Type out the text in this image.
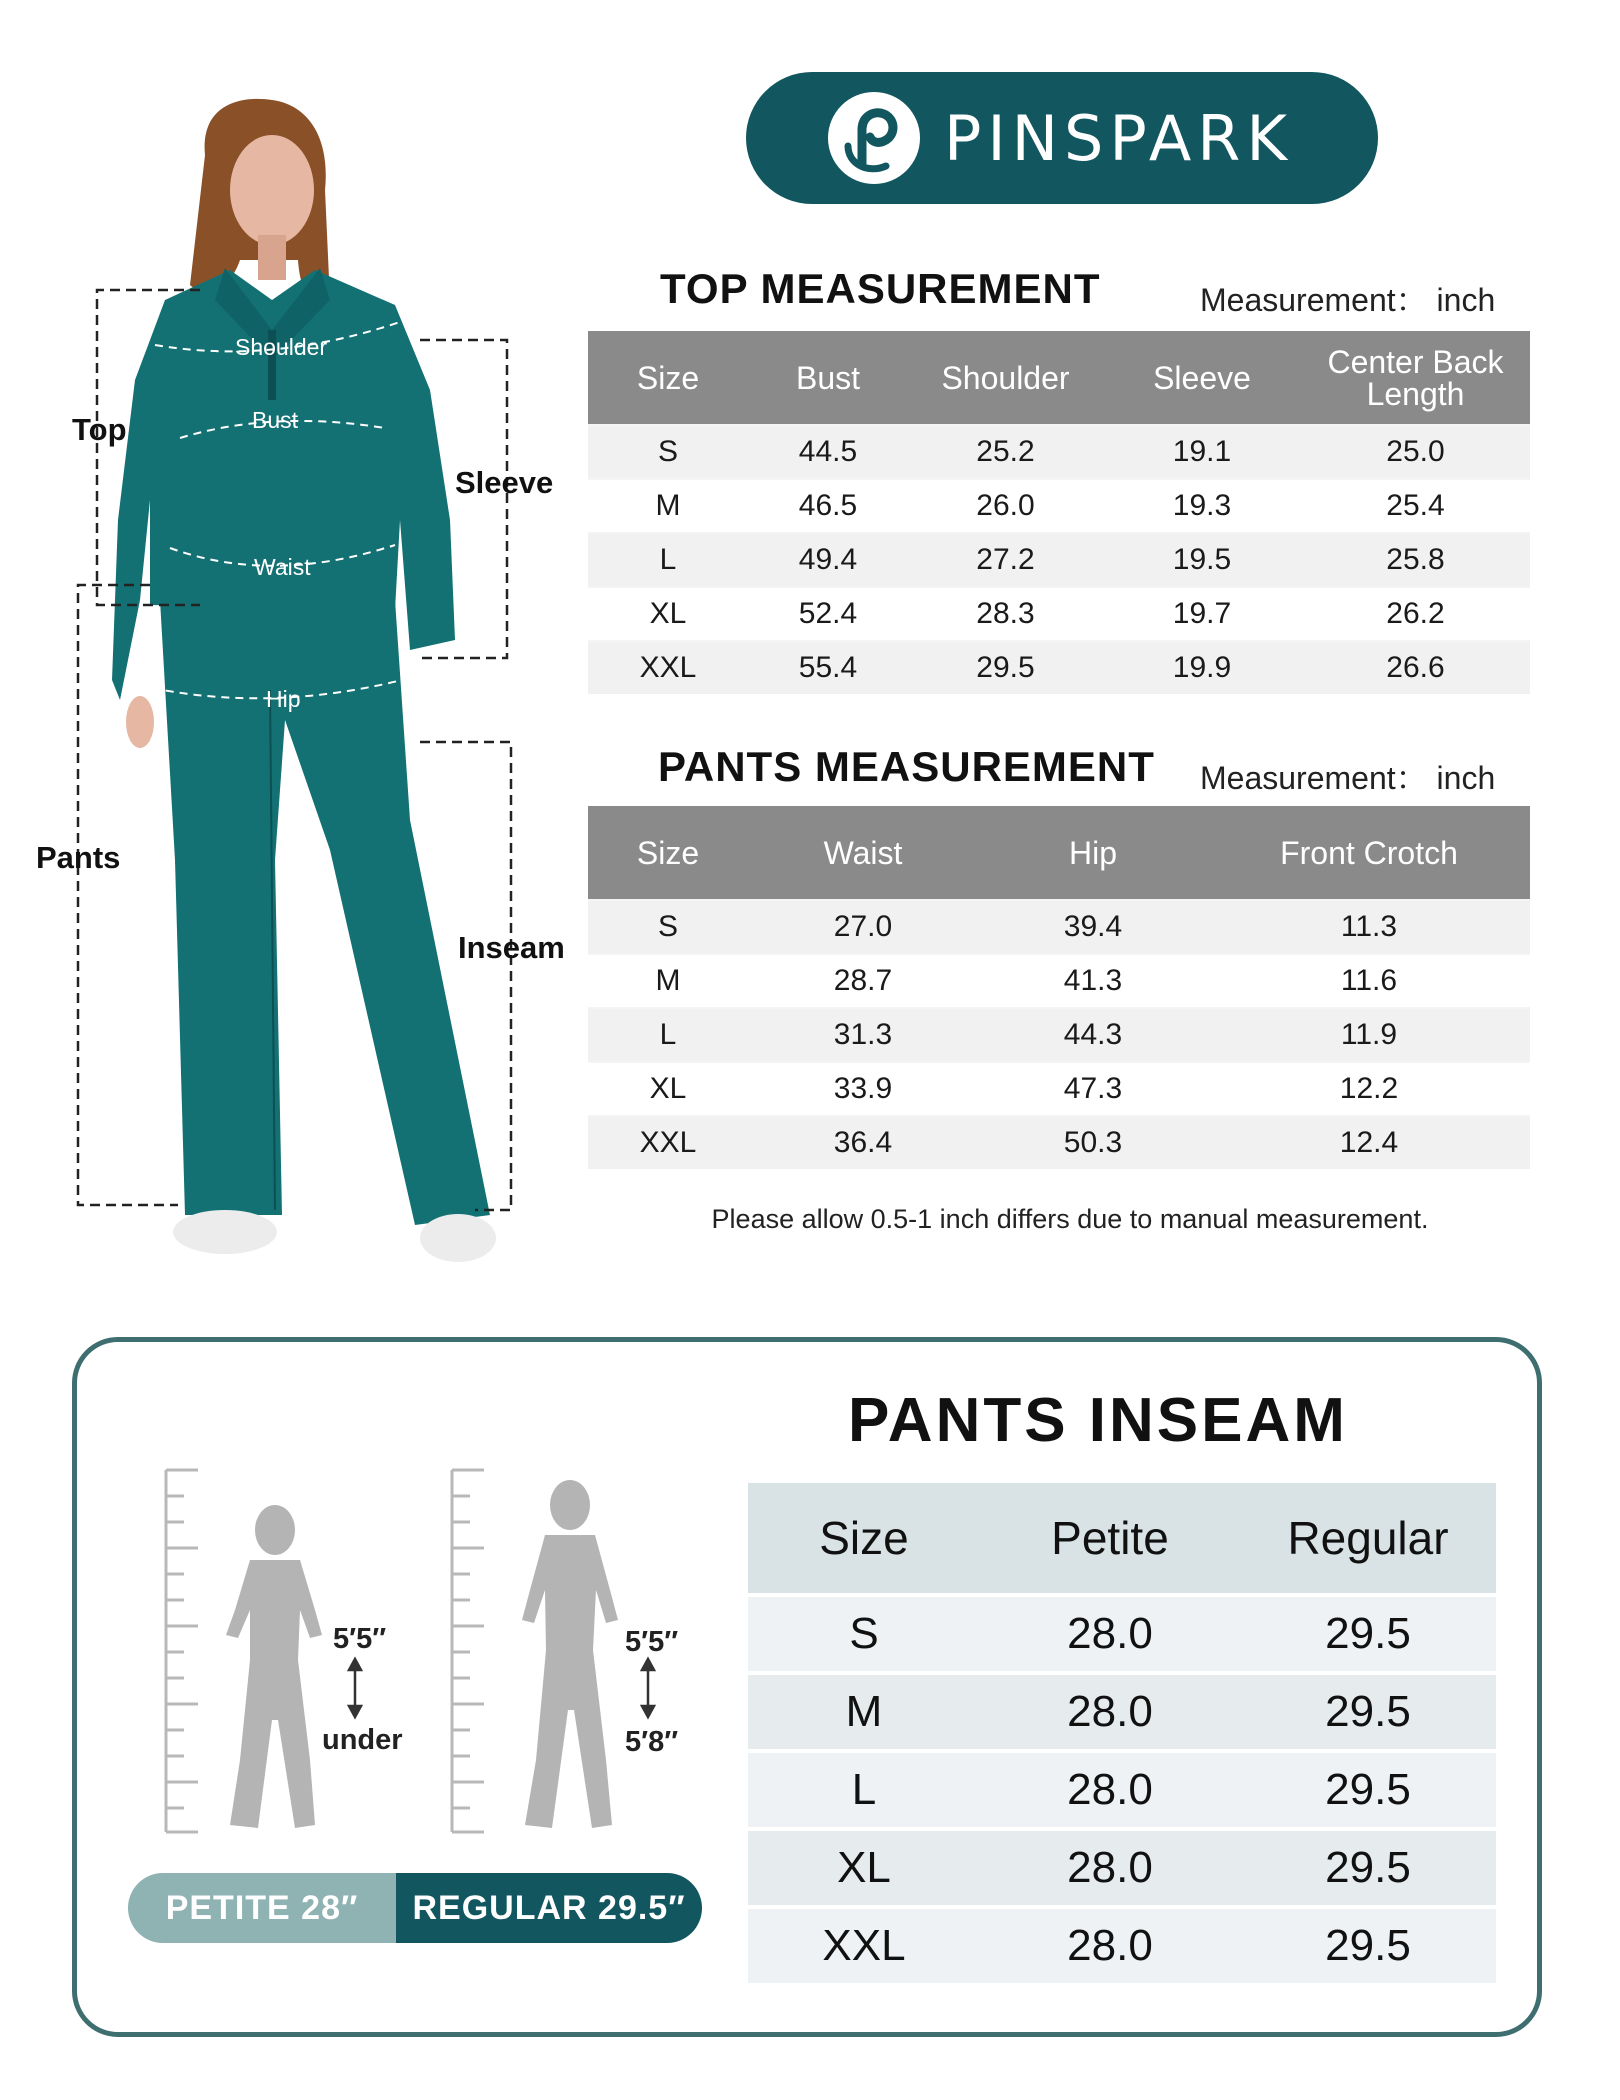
Shoulder
Bust
Waist
Hip
Top
Sleeve
Pants
Inseam
PINSPARK
TOP MEASUREMENT	Measurement： inch
Size	Bust	Shoulder	Sleeve	Center Back Length
S	44.5	25.2	19.1	25.0
M	46.5	26.0	19.3	25.4
L	49.4	27.2	19.5	25.8
XL	52.4	28.3	19.7	26.2
XXL	55.4	29.5	19.9	26.6
PANTS MEASUREMENT Measurement： inch
Size	Waist	Hip	Front Crotch
S	27.0	39.4	11.3
M	28.7	41.3	11.6
L	31.3	44.3	11.9
XL	33.9	47.3	12.2
XXL	36.4	50.3	12.4
Please allow 0.5-1 inch differs due to manual measurement.
PANTS INSEAM
Size	Petite	Regular
S	28.0	29.5
M	28.0	29.5
L	28.0	29.5
XL	28.0	29.5
XXL	28.0	29.5
5′5″
under
5′5″
5′8″
PETITE 28″	REGULAR 29.5″
